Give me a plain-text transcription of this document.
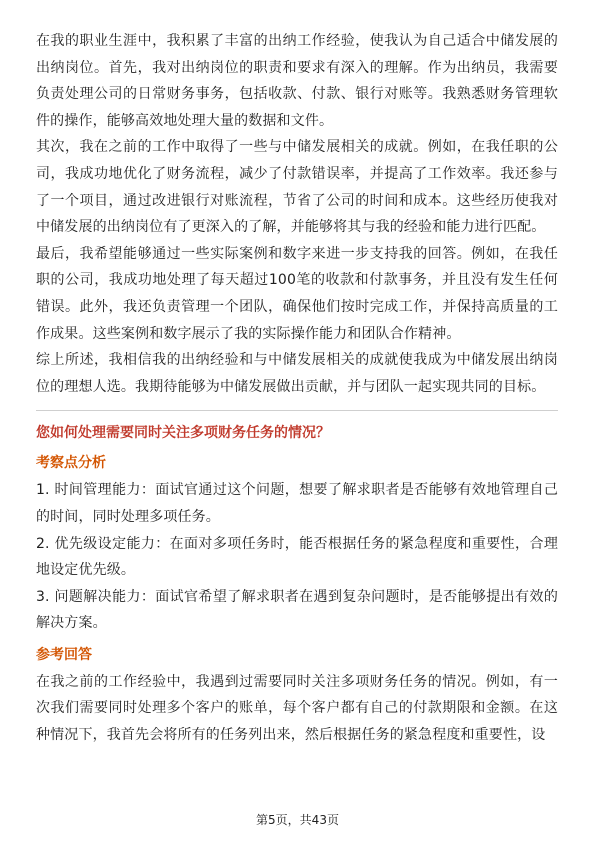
在我的职业生涯中，我积累了丰富的出纳工作经验，使我认为自己适合中储发展的出纳岗位。首先，我对出纳岗位的职责和要求有深入的理解。作为出纳员，我需要负责处理公司的日常财务事务，包括收款、付款、银行对账等。我熟悉财务管理软件的操作，能够高效地处理大量的数据和文件。

其次，我在之前的工作中取得了一些与中储发展相关的成就。例如，在我任职的公司，我成功地优化了财务流程，减少了付款错误率，并提高了工作效率。我还参与了一个项目，通过改进银行对账流程，节省了公司的时间和成本。这些经历使我对中储发展的出纳岗位有了更深入的了解，并能够将其与我的经验和能力进行匹配。

最后，我希望能够通过一些实际案例和数字来进一步支持我的回答。例如，在我任职的公司，我成功地处理了每天超过100笔的收款和付款事务，并且没有发生任何错误。此外，我还负责管理一个团队，确保他们按时完成工作，并保持高质量的工作成果。这些案例和数字展示了我的实际操作能力和团队合作精神。

综上所述，我相信我的出纳经验和与中储发展相关的成就使我成为中储发展出纳岗位的理想人选。我期待能够为中储发展做出贡献，并与团队一起实现共同的目标。

您如何处理需要同时关注多项财务任务的情况？

考察点分析

1. 时间管理能力：面试官通过这个问题，想要了解求职者是否能够有效地管理自己的时间，同时处理多项任务。

2. 优先级设定能力：在面对多项任务时，能否根据任务的紧急程度和重要性，合理地设定优先级。

3. 问题解决能力：面试官希望了解求职者在遇到复杂问题时，是否能够提出有效的解决方案。

参考回答

在我之前的工作经验中，我遇到过需要同时关注多项财务任务的情况。例如，有一次我们需要同时处理多个客户的账单，每个客户都有自己的付款期限和金额。在这种情况下，我首先会将所有的任务列出来，然后根据任务的紧急程度和重要性，设

第5页，共43页
